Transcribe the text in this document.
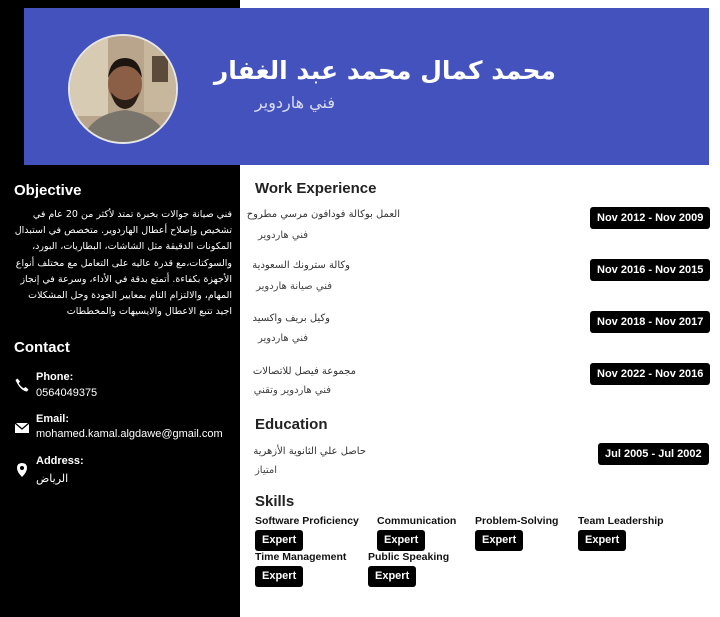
محمد كمال محمد عبد الغفار
فني هاردوير
Objective
فني صيانة جوالات بخبرة تمتد لأكثر من 20 عام في تشخيص وإصلاح أعطال الهاردوير. متخصص في استبدال المكونات الدقيقة مثل الشاشات، البطاريات، البورد، والسوكتات،مع قدرة عاليه على التعامل مع مختلف أنواع الأجهزة بكفاءة. أتمتع بدقة في الأداء، وسرعة في إنجاز المهام، والالتزام التام بمعايير الجودة وحل المشكلات اجيد تتبع الاعطال والايسيهات والمخططات
Contact
Phone:
0564049375
Email:
mohamed.kamal.algdawe@gmail.com
Address:
الرياض
Work Experience
العمل بوكالة فودافون مرسي مطروح
فني هاردوير
Nov 2012 - Nov 2009
وكالة سترونك السعودية
فني صيانة هاردوير
Nov 2016 - Nov 2015
وكيل بريف واكسيد
فني هاردوير
Nov 2018 - Nov 2017
مجموعة فيصل للاتصالات
فني هاردوير وتقني
Nov 2022 - Nov 2016
Education
حاصل علي الثانوية الأزهرية
امتياز
Jul 2005 - Jul 2002
Skills
Software Proficiency
Expert
Communication
Expert
Problem-Solving
Expert
Team Leadership
Expert
Time Management
Expert
Public Speaking
Expert
